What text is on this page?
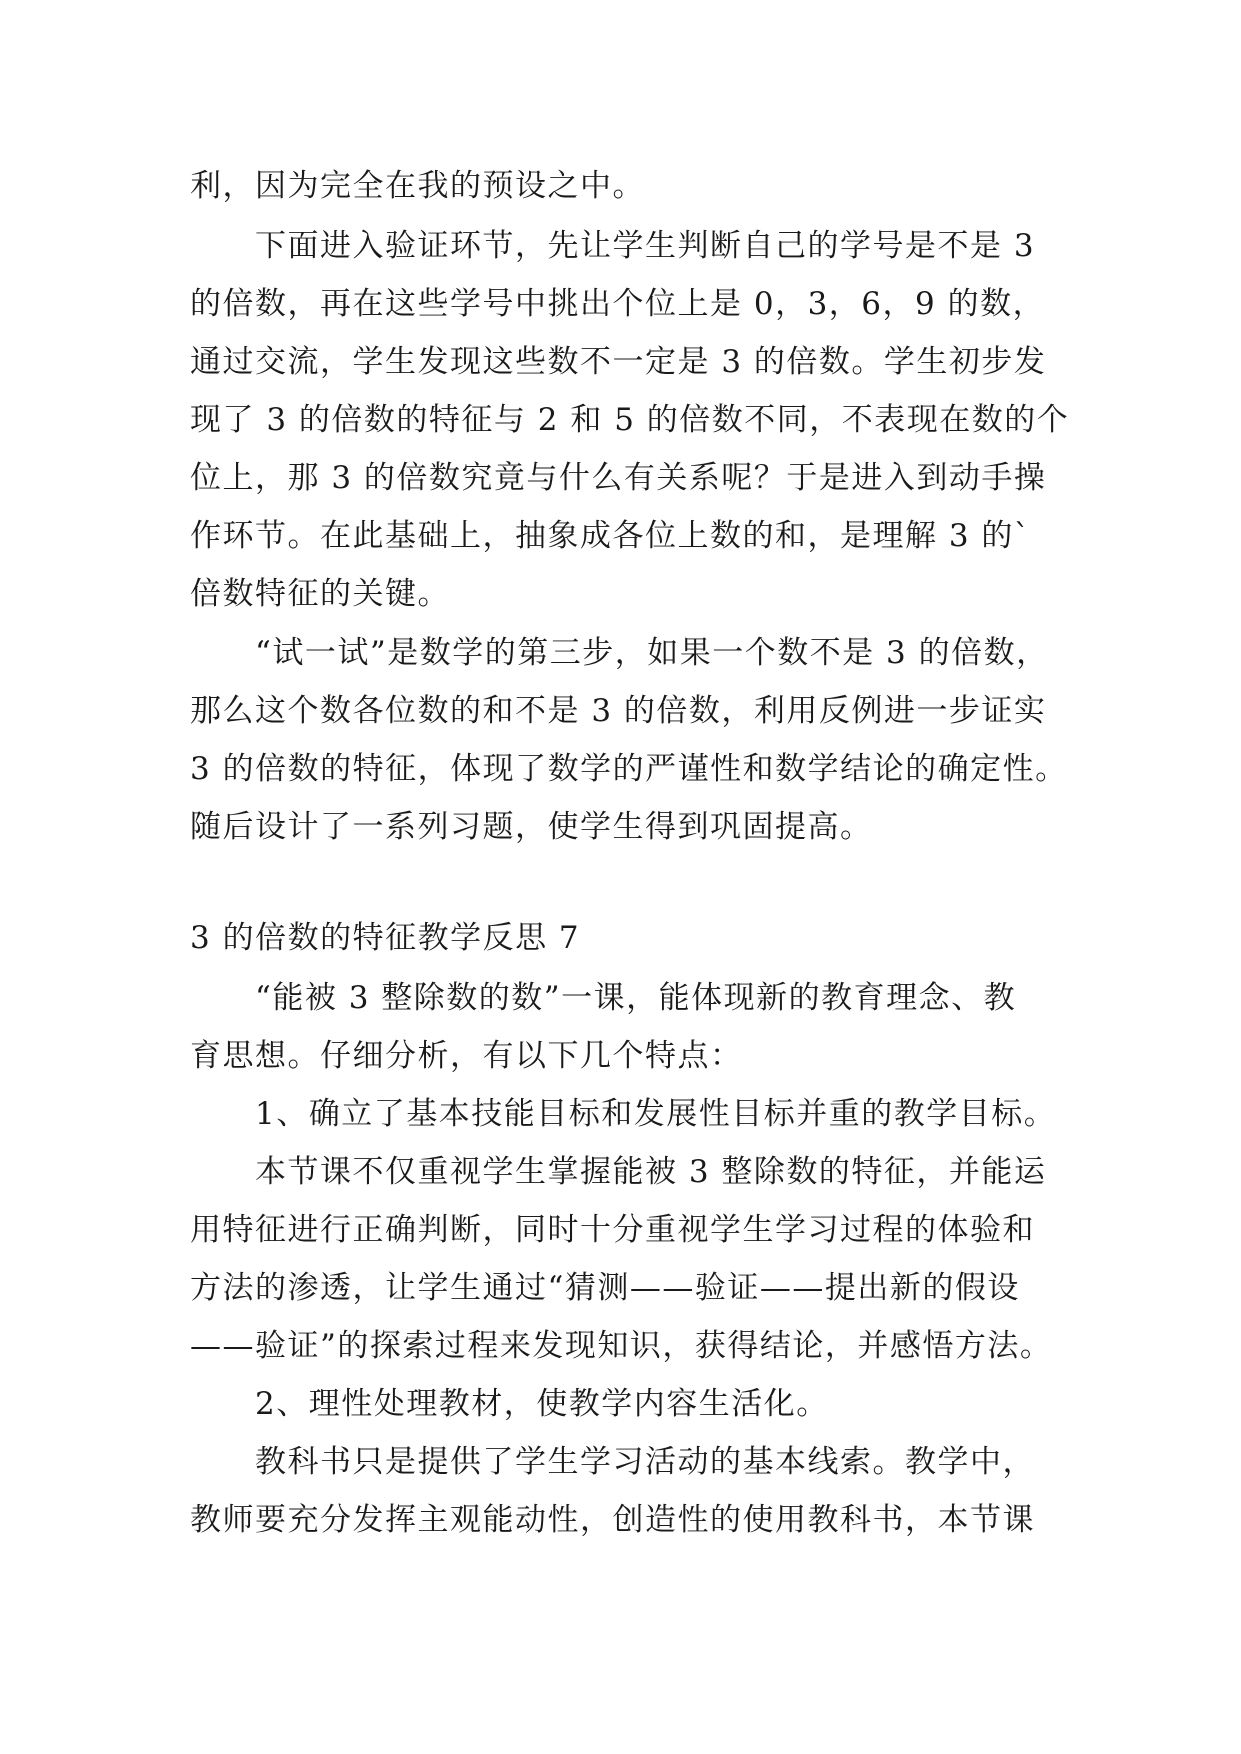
利，因为完全在我的预设之中。
下面进入验证环节，先让学生判断自己的学号是不是 3
的倍数，再在这些学号中挑出个位上是 0，3，6，9 的数，
通过交流，学生发现这些数不一定是 3 的倍数。学生初步发
现了 3 的倍数的特征与 2 和 5 的倍数不同，不表现在数的个
位上，那 3 的倍数究竟与什么有关系呢？于是进入到动手操
作环节。在此基础上，抽象成各位上数的和，是理解 3 的`
倍数特征的关键。
“试一试”是数学的第三步，如果一个数不是 3 的倍数，
那么这个数各位数的和不是 3 的倍数，利用反例进一步证实
3 的倍数的特征，体现了数学的严谨性和数学结论的确定性。
随后设计了一系列习题，使学生得到巩固提高。
3 的倍数的特征教学反思 7
“能被 3 整除数的数”一课，能体现新的教育理念、教
育思想。仔细分析，有以下几个特点：
1、确立了基本技能目标和发展性目标并重的教学目标。
本节课不仅重视学生掌握能被 3 整除数的特征，并能运
用特征进行正确判断，同时十分重视学生学习过程的体验和
方法的渗透，让学生通过“猜测——验证——提出新的假设
——验证”的探索过程来发现知识，获得结论，并感悟方法。
2、理性处理教材，使教学内容生活化。
教科书只是提供了学生学习活动的基本线索。教学中，
教师要充分发挥主观能动性，创造性的使用教科书，本节课
